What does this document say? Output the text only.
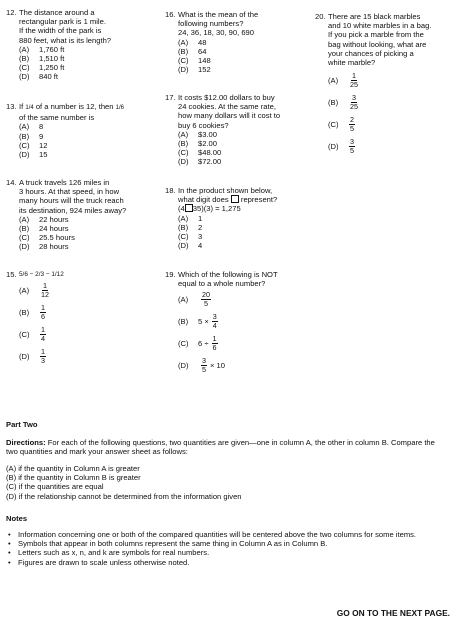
12. The distance around a
rectangular park is 1 mile.
If the width of the park is
880 feet, what is its length?
(A)	1,760 ft
(B)	1,510 ft
(C)	1,250 ft
(D)	840 ft
13. If 1/4 of a number is 12, then 1/6
of the same number is
(A)	8
(B)	9
(C)	12
(D)	15
14. A truck travels 126 miles in
3 hours. At that speed, in how
many hours will the truck reach
its destination, 924 miles away?
(A)	22 hours
(B)	24 hours
(C)	25.5 hours
(D)	28 hours
15. 5/6 − 2/3 − 1/12
(A)	$\frac{1}{12}$
(B)	$\frac{1}{6}$
(C)	$\frac{1}{4}$
(D)	$\frac{1}{3}$
16. What is the mean of the
following numbers?
24, 36, 18, 30, 90, 690
(A)	48
(B)	64
(C)	148
(D)	152
17. It costs $12.00 dollars to buy
24 cookies. At the same rate,
how many dollars will it cost to
buy 6 cookies?
(A)	$3.00
(B)	$2.00
(C)	$48.00
(D)	$72.00
18. In the product shown below,
what digit does represent?
(4 35)(3) = 1,275
(A)	1
(B)	2
(C)	3
(D)	4
19. Which of the following is NOT
equal to a whole number?
(A)	$\frac{20}{5}$
(B)	$5 \times \frac{3}{4}$
(C)	$6 \div \frac{1}{6}$
(D)	$\frac{3}{5} \times 10$
20. There are 15 black marbles
and 10 white marbles in a bag.
If you pick a marble from the
bag without looking, what are
your chances of picking a
white marble?
(A)	$\frac{1}{25}$
(B)	$\frac{3}{25}$
(C)	$\frac{2}{5}$
(D)	$\frac{3}{5}$
Part Two
Directions: For each of the following questions, two quantities are given—one in column A, the other in column B. Compare the two quantities and mark your answer sheet as follows:
(A) if the quantity in Column A is greater
(B) if the quantity in Column B is greater
(C) if the quantities are equal
(D) if the relationship cannot be determined from the information given
Notes
• Information concerning one or both of the compared quantities will be centered above the two columns for some items.
• Symbols that appear in both columns represent the same thing in Column A as in Column B.
• Letters such as x, n, and k are symbols for real numbers.
• Figures are drawn to scale unless otherwise noted.
GO ON TO THE NEXT PAGE.
